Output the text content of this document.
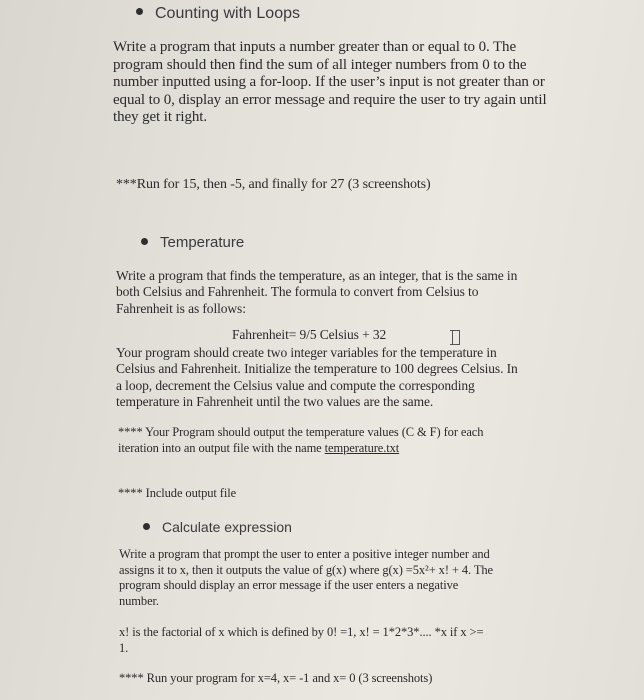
Counting with Loops

Write a program that inputs a number greater than or equal to 0. The
program should then find the sum of all integer numbers from 0 to the
number inputted using a for-loop. If the user’s input is not greater than or
equal to 0, display an error message and require the user to try again until
they get it right.

***Run for 15, then -5, and finally for 27 (3 screenshots)

Temperature

Write a program that finds the temperature, as an integer, that is the same in
both Celsius and Fahrenheit. The formula to convert from Celsius to
Fahrenheit is as follows:

Fahrenheit= 9/5 Celsius + 32

Your program should create two integer variables for the temperature in
Celsius and Fahrenheit. Initialize the temperature to 100 degrees Celsius. In
a loop, decrement the Celsius value and compute the corresponding
temperature in Fahrenheit until the two values are the same.

**** Your Program should output the temperature values (C & F) for each
iteration into an output file with the name temperature.txt

**** Include output file

Calculate expression

Write a program that prompt the user to enter a positive integer number and
assigns it to x, then it outputs the value of g(x) where g(x) =5x²+ x! + 4. The
program should display an error message if the user enters a negative
number.

x! is the factorial of x which is defined by 0! =1, x! = 1*2*3*.... *x if x >=
1.

**** Run your program for x=4, x= -1 and x= 0 (3 screenshots)
